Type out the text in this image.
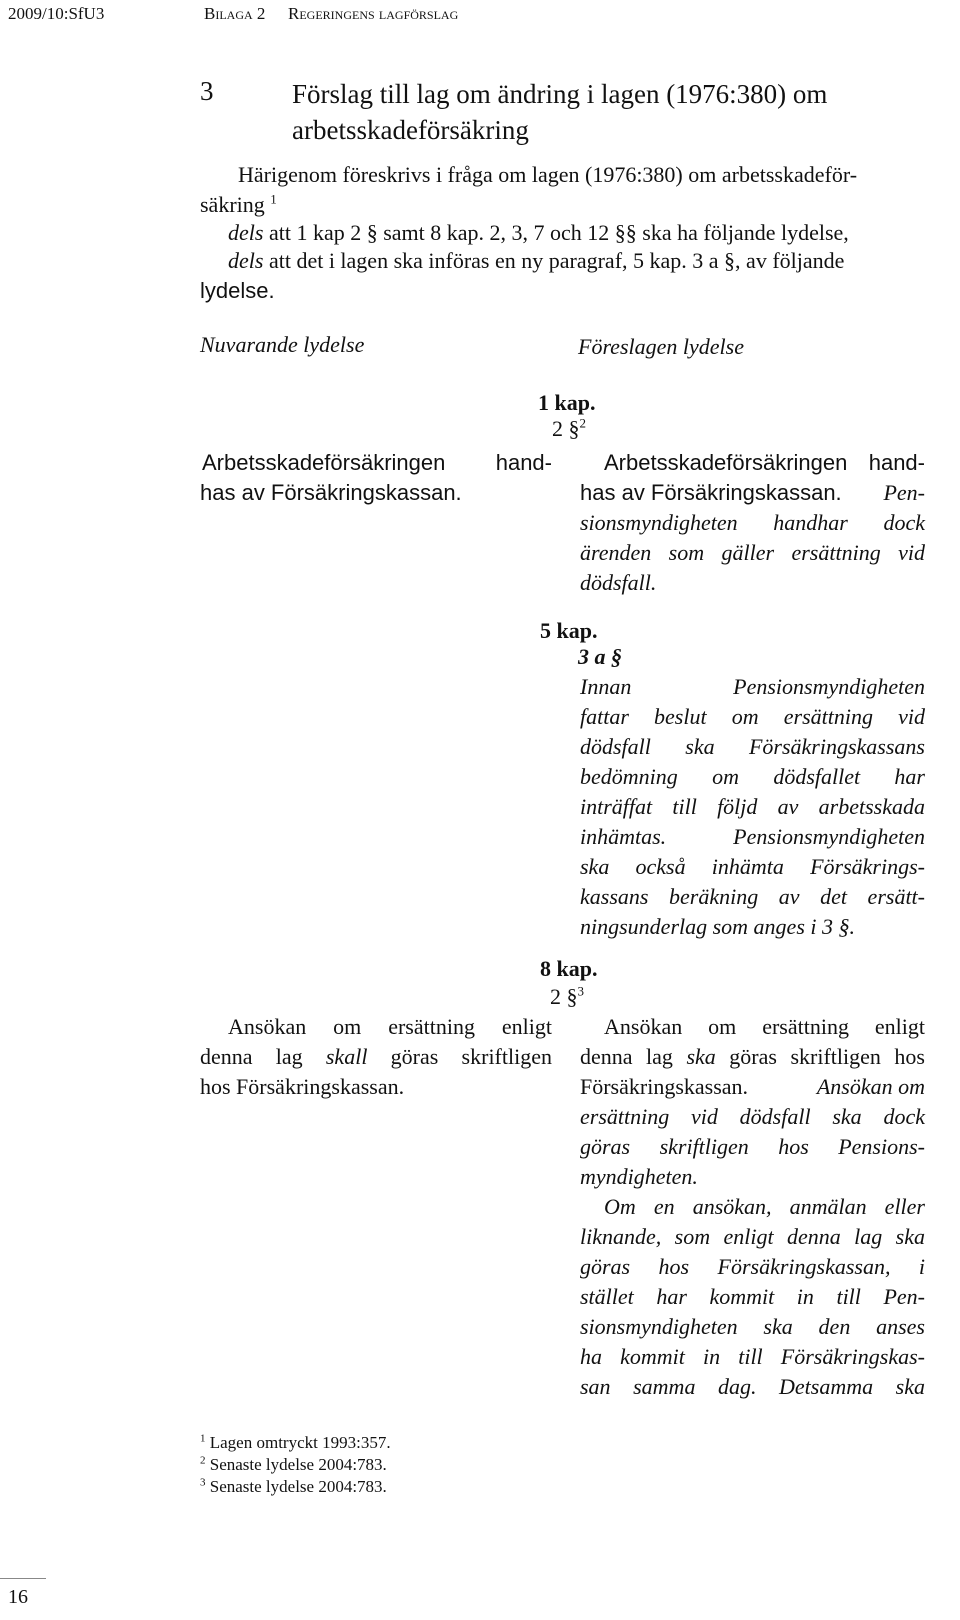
2009/10:SfU3	Bilaga 2 Regeringens lagförslag
3	Förslag till lag om ändring i lagen (1976:380) om
arbetsskadeförsäkring
Härigenom föreskrivs i fråga om lagen (1976:380) om arbetsskadeför-
säkring $^1$
dels att 1 kap 2 § samt 8 kap. 2, 3, 7 och 12 §§ ska ha följande lydelse,
dels att det i lagen ska införas en ny paragraf, 5 kap. 3 a §, av följande
lydelse.
Nuvarande lydelse	Föreslagen lydelse
1 kap.
2 §$^2$
Arbetsskadeförsäkringen hand-
has av Försäkringskassan.
Arbetsskadeförsäkringen hand-
has av Försäkringskassan. Pen-
sionsmyndigheten handhar dock
ärenden som gäller ersättning vid
dödsfall.
5 kap.
3 a §
Innan Pensionsmyndigheten
fattar beslut om ersättning vid
dödsfall ska Försäkringskassans
bedömning om dödsfallet har
inträffat till följd av arbetsskada
inhämtas. Pensionsmyndigheten
ska också inhämta Försäkrings-
kassans beräkning av det ersätt-
ningsunderlag som anges i 3 §.
8 kap.
2 §$^3$
Ansökan om ersättning enligt
denna lag skall göras skriftligen
hos Försäkringskassan.
Ansökan om ersättning enligt
denna lag ska göras skriftligen hos
Försäkringskassan.	Ansökan om
ersättning vid dödsfall ska dock
göras skriftligen hos Pensions-
myndigheten.
Om en ansökan, anmälan eller
liknande, som enligt denna lag ska
göras hos Försäkringskassan, i
stället har kommit in till Pen-
sionsmyndigheten ska den anses
ha kommit in till Försäkringskas-
san samma dag. Detsamma ska
$^1$ Lagen omtryckt 1993:357.
$^2$ Senaste lydelse 2004:783.
$^3$ Senaste lydelse 2004:783.
16
